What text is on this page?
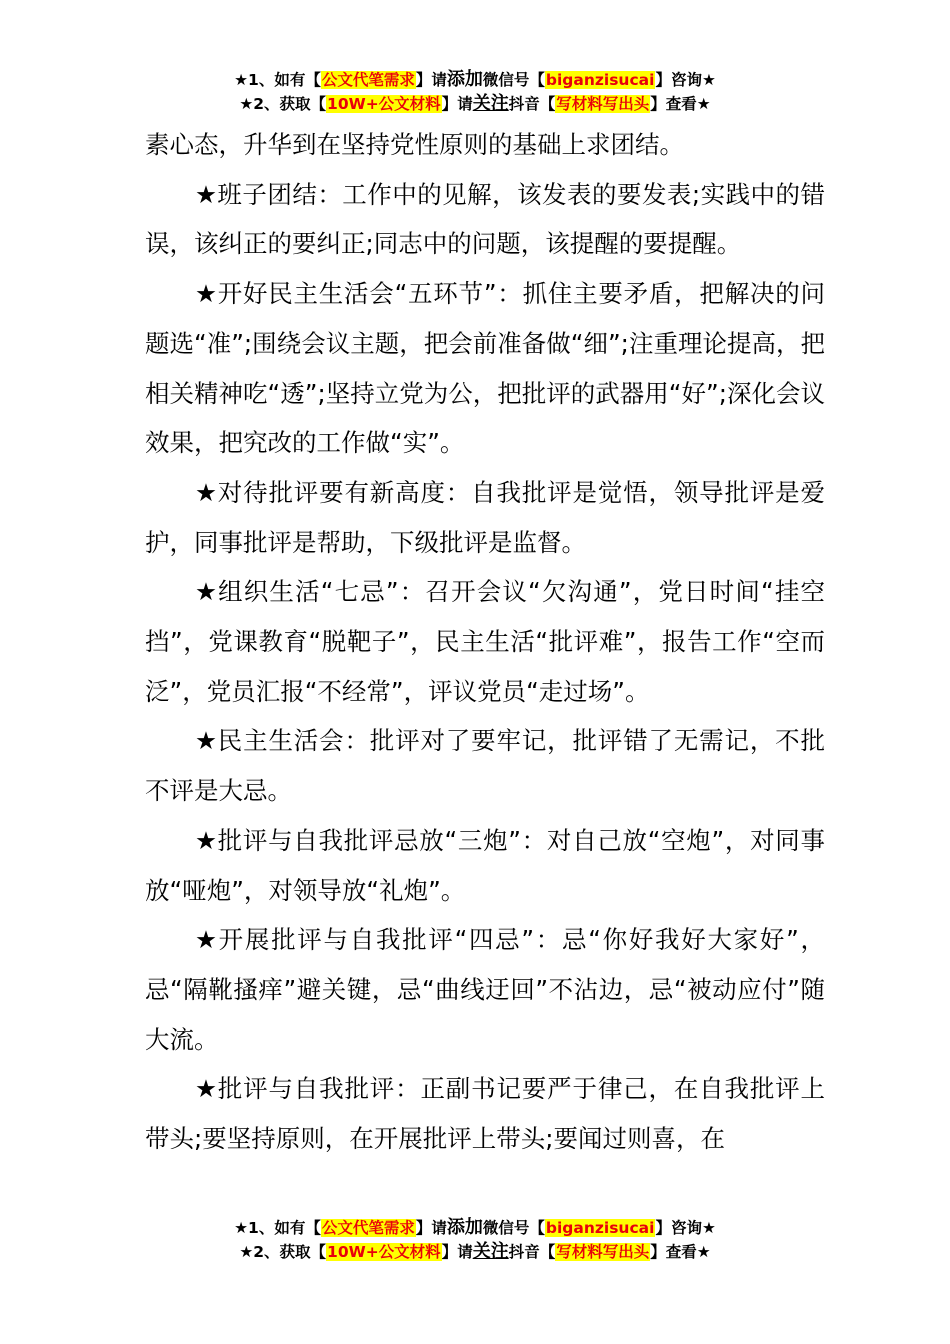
★1、如有【公文代笔需求】请添加微信号【biganzisucai】咨询★
★2、获取【10W+公文材料】请关注抖音【写材料写出头】查看★

素心态，升华到在坚持党性原则的基础上求团结。

★班子团结：工作中的见解，该发表的要发表;实践中的错误，该纠正的要纠正;同志中的问题，该提醒的要提醒。

★开好民主生活会“五环节”：抓住主要矛盾，把解决的问题选“准”;围绕会议主题，把会前准备做“细”;注重理论提高，把相关精神吃“透”;坚持立党为公，把批评的武器用“好”;深化会议效果，把究改的工作做“实”。

★对待批评要有新高度：自我批评是觉悟，领导批评是爱护，同事批评是帮助，下级批评是监督。

★组织生活“七忌”：召开会议“欠沟通”，党日时间“挂空挡”，党课教育“脱靶子”，民主生活“批评难”，报告工作“空而泛”，党员汇报“不经常”，评议党员“走过场”。

★民主生活会：批评对了要牢记，批评错了无需记，不批不评是大忌。

★批评与自我批评忌放“三炮”：对自己放“空炮”，对同事放“哑炮”，对领导放“礼炮”。

★开展批评与自我批评“四忌”：忌“你好我好大家好”，忌“隔靴搔痒”避关键，忌“曲线迂回”不沾边，忌“被动应付”随大流。

★批评与自我批评：正副书记要严于律己，在自我批评上带头;要坚持原则，在开展批评上带头;要闻过则喜，在

★1、如有【公文代笔需求】请添加微信号【biganzisucai】咨询★
★2、获取【10W+公文材料】请关注抖音【写材料写出头】查看★
